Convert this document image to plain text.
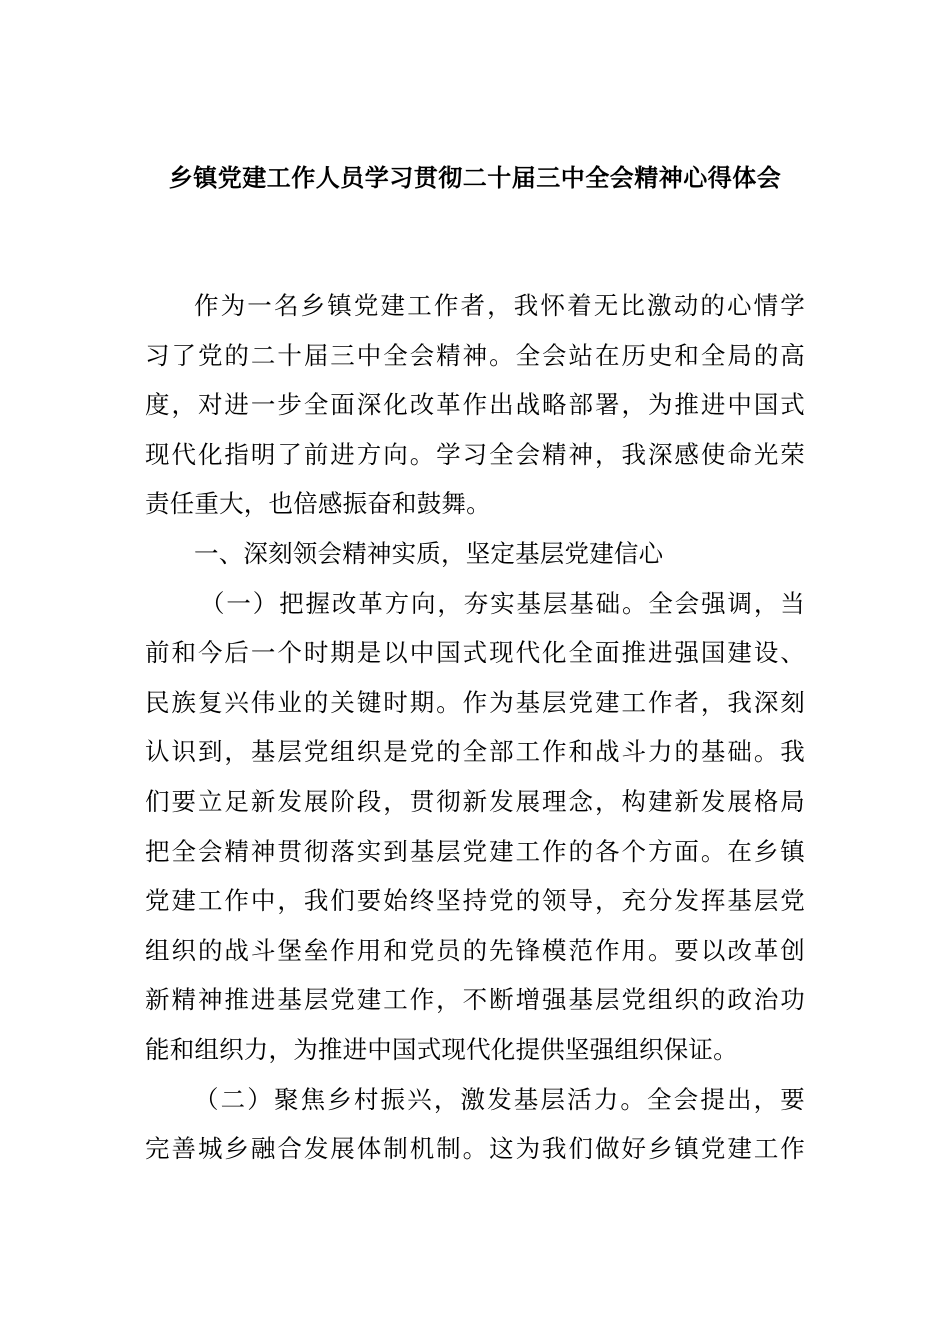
乡镇党建工作人员学习贯彻二十届三中全会精神心得体会
作为一名乡镇党建工作者，我怀着无比激动的心情学
习了党的二十届三中全会精神。全会站在历史和全局的高
度，对进一步全面深化改革作出战略部署，为推进中国式
现代化指明了前进方向。学习全会精神，我深感使命光荣
责任重大，也倍感振奋和鼓舞。
一、深刻领会精神实质，坚定基层党建信心
（一）把握改革方向，夯实基层基础。全会强调，当
前和今后一个时期是以中国式现代化全面推进强国建设、
民族复兴伟业的关键时期。作为基层党建工作者，我深刻
认识到，基层党组织是党的全部工作和战斗力的基础。我
们要立足新发展阶段，贯彻新发展理念，构建新发展格局
把全会精神贯彻落实到基层党建工作的各个方面。在乡镇
党建工作中，我们要始终坚持党的领导，充分发挥基层党
组织的战斗堡垒作用和党员的先锋模范作用。要以改革创
新精神推进基层党建工作，不断增强基层党组织的政治功
能和组织力，为推进中国式现代化提供坚强组织保证。
（二）聚焦乡村振兴，激发基层活力。全会提出，要
完善城乡融合发展体制机制。这为我们做好乡镇党建工作
